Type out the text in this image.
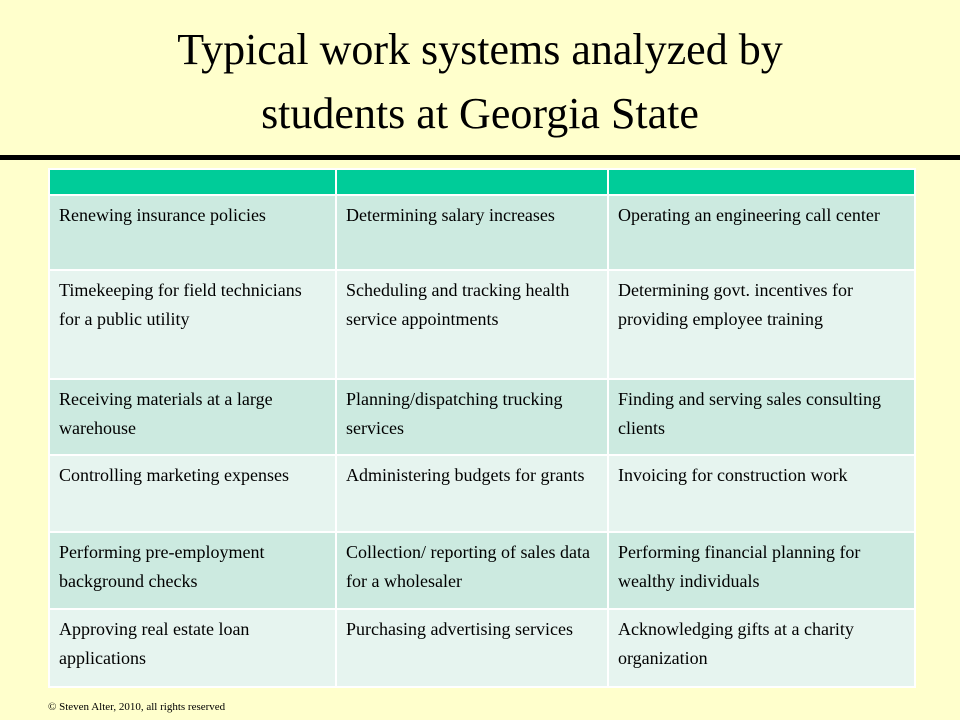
Typical work systems analyzed by
students at Georgia State

Renewing insurance policies	Determining salary increases	Operating an engineering call center
Timekeeping for field technicians for a public utility	Scheduling and tracking health service appointments	Determining govt. incentives for providing employee training
Receiving materials at a large warehouse	Planning/dispatching trucking services	Finding and serving sales consulting clients
Controlling marketing expenses	Administering budgets for grants	Invoicing for construction work
Performing pre-employment background checks	Collection/ reporting of sales data for a wholesaler	Performing financial planning for wealthy individuals
Approving real estate loan applications	Purchasing advertising services	Acknowledging gifts at a charity organization
© Steven Alter, 2010, all rights reserved
